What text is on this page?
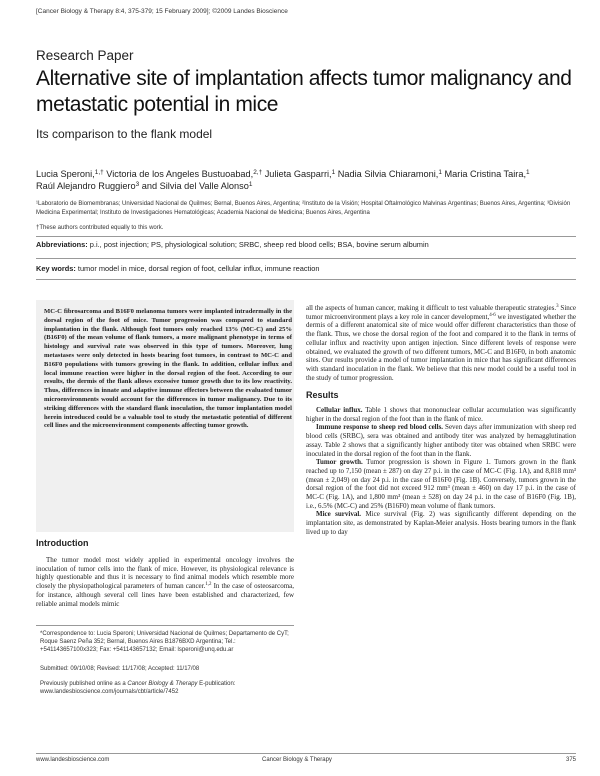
[Cancer Biology & Therapy 8:4, 375-379; 15 February 2009]; ©2009 Landes Bioscience
Research Paper
Alternative site of implantation affects tumor malignancy and metastatic potential in mice
Its comparison to the flank model
Lucia Speroni,$^{1,\dagger}$ Victoria de los Angeles Bustuoabad,$^{2,\dagger}$ Julieta Gasparri,$^1$ Nadia Silvia Chiaramoni,$^1$ Maria Cristina Taira,$^1$
Raúl Alejandro Ruggiero$^3$ and Silvia del Valle Alonso$^1$
¹Laboratorio de Biomembranas; Universidad Nacional de Quilmes; Bernal, Buenos Aires, Argentina; ²Instituto de la Visión; Hospital Oftalmológico Malvinas Argentinas; Buenos Aires, Argentina; ³División Medicina Experimental; Instituto de Investigaciones Hematológicas; Academia Nacional de Medicina; Buenos Aires, Argentina
†These authors contributed equally to this work.
Abbreviations: p.i., post injection; PS, physiological solution; SRBC, sheep red blood cells; BSA, bovine serum albumin
Key words: tumor model in mice, dorsal region of foot, cellular influx, immune reaction
MC-C fibrosarcoma and B16F0 melanoma tumors were implanted intradermally in the dorsal region of the foot of mice. Tumor progression was compared to standard implantation in the flank. Although foot tumors only reached 13% (MC-C) and 25% (B16F0) of the mean volume of flank tumors, a more malignant phenotype in terms of histology and survival rate was observed in this type of tumors. Moreover, lung metastases were only detected in hosts bearing foot tumors, in contrast to MC-C and B16F0 populations with tumors growing in the flank. In addition, cellular influx and local immune reaction were higher in the dorsal region of the foot. According to our results, the dermis of the flank allows excessive tumor growth due to its low reactivity. Thus, differences in innate and adaptive immune effectors between the evaluated tumor microenvironments would account for the differences in tumor malignancy. Due to its striking differences with the standard flank inoculation, the tumor implantation model herein introduced could be a valuable tool to study the metastatic potential of different cell lines and the microenvironment components affecting tumor growth.
Introduction

The tumor model most widely applied in experimental oncology involves the inoculation of tumor cells into the flank of mice. However, its physiological relevance is highly questionable and thus it is necessary to find animal models which resemble more closely the physiopathological parameters of human cancer.$^{1,2}$ In the case of osteosarcoma, for instance, although several cell lines have been established and characterized, few reliable animal models mimic

*Correspondence to: Lucia Speroni; Universidad Nacional de Quilmes; Departamento de CyT; Roque Saenz Peña 352; Bernal, Buenos Aires B1876BXD Argentina; Tel.: +541143657100x323; Fax: +541143657132; Email: lsperoni@unq.edu.ar
Submitted: 09/10/08; Revised: 11/17/08; Accepted: 11/17/08
Previously published online as a Cancer Biology & Therapy E-publication:
www.landesbioscience.com/journals/cbt/article/7452

all the aspects of human cancer, making it difficult to test valuable therapeutic strategies.$^3$ Since tumor microenvironment plays a key role in cancer development,$^{4-6}$ we investigated whether the dermis of a different anatomical site of mice would offer different characteristics than those of the flank. Thus, we chose the dorsal region of the foot and compared it to the flank in terms of cellular influx and reactivity upon antigen injection. Since different levels of response were obtained, we evaluated the growth of two different tumors, MC-C and B16F0, in both anatomic sites. Our results provide a model of tumor implantation in mice that has significant differences with standard inoculation in the flank. We believe that this new model could be a useful tool in the study of tumor progression.

Results

Cellular influx. Table 1 shows that mononuclear cellular accumulation was significantly higher in the dorsal region of the foot than in the flank of mice.

Immune response to sheep red blood cells. Seven days after immunization with sheep red blood cells (SRBC), sera was obtained and antibody titer was analyzed by hemagglutination assay. Table 2 shows that a significantly higher antibody titer was obtained when SRBC were inoculated in the dorsal region of the foot than in the flank.

Tumor growth. Tumor progression is shown in Figure 1. Tumors grown in the flank reached up to 7,150 (mean ± 287) on day 27 p.i. in the case of MC-C (Fig. 1A), and 8,818 mm³ (mean ± 2,049) on day 24 p.i. in the case of B16F0 (Fig. 1B). Conversely, tumors grown in the dorsal region of the foot did not exceed 912 mm³ (mean ± 460) on day 17 p.i. in the case of MC-C (Fig. 1A), and 1,800 mm³ (mean ± 528) on day 24 p.i. in the case of B16F0 (Fig. 1B), i.e., 6.5% (MC-C) and 25% (B16F0) mean volume of flank tumors.

Mice survival. Mice survival (Fig. 2) was significantly different depending on the implantation site, as demonstrated by Kaplan-Meier analysis. Hosts bearing tumors in the flank lived up to day

www.landesbioscience.com	Cancer Biology & Therapy	375
